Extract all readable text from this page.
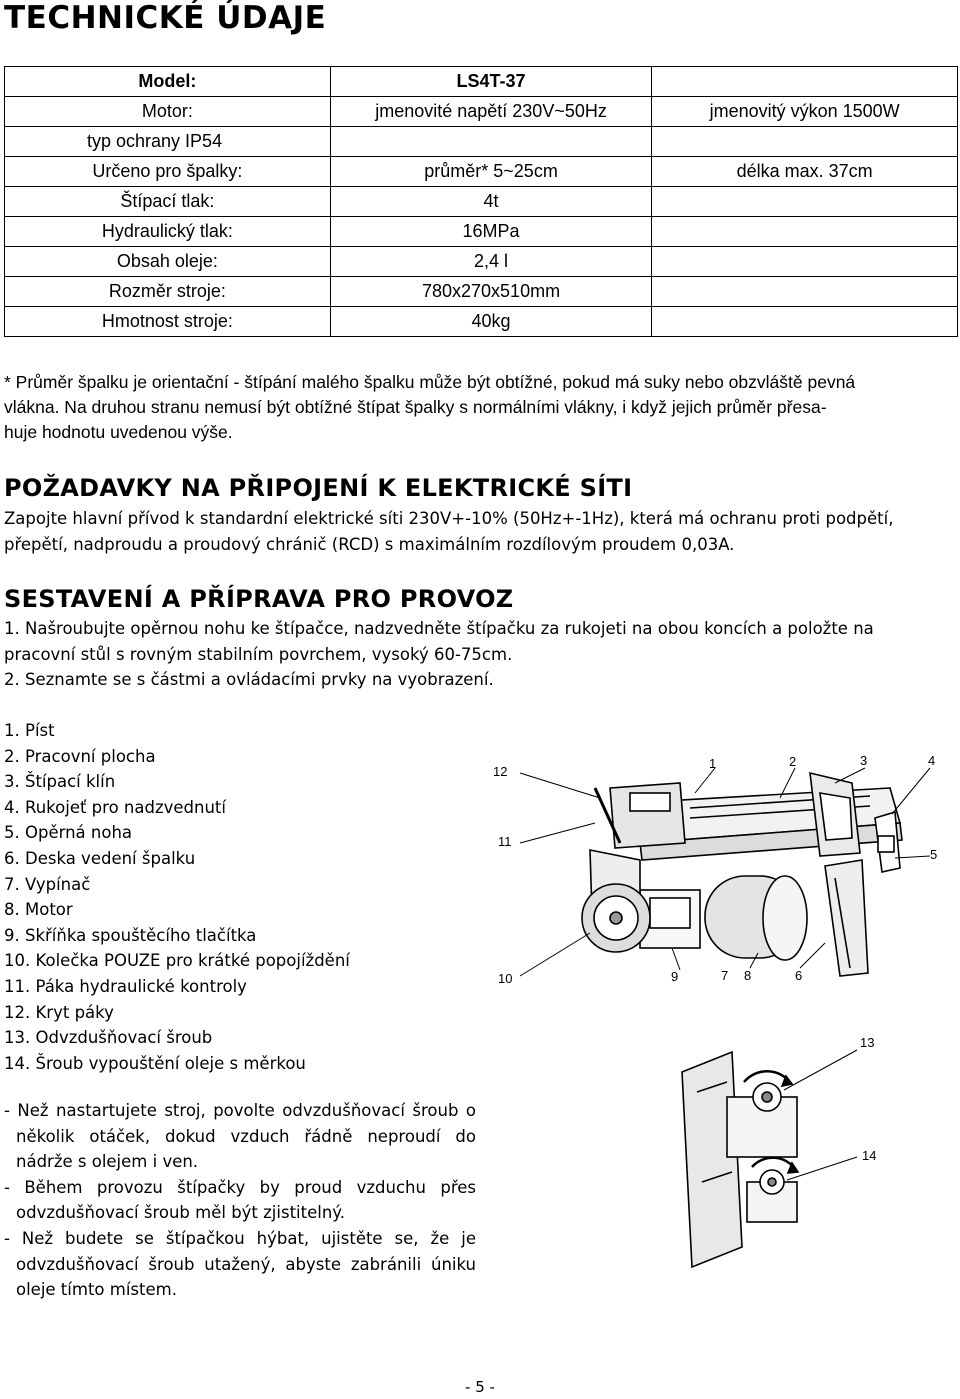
TECHNICKÉ ÚDAJE
Model:	LS4T-37	
Motor:	jmenovité napětí 230V~50Hz	jmenovitý výkon 1500W
typ ochrany IP54		
Určeno pro špalky:	průměr* 5~25cm	délka max. 37cm
Štípací tlak:	4t	
Hydraulický tlak:	16MPa	
Obsah oleje:	2,4 l	
Rozměr stroje:	780x270x510mm	
Hmotnost stroje:	40kg	
* Průměr špalku je orientační - štípání malého špalku může být obtížné, pokud má suky nebo obzvláště pevná
vlákna. Na druhou stranu nemusí být obtížné štípat špalky s normálními vlákny, i když jejich průměr přesa-
huje hodnotu uvedenou výše.
POŽADAVKY NA PŘIPOJENÍ K ELEKTRICKÉ SÍTI
Zapojte hlavní přívod k standardní elektrické síti 230V+-10% (50Hz+-1Hz), která má ochranu proti podpětí,
přepětí, nadproudu a proudový chránič (RCD) s maximálním rozdílovým proudem 0,03A.
SESTAVENÍ A PŘÍPRAVA PRO PROVOZ
1. Našroubujte opěrnou nohu ke štípačce, nadzvedněte štípačku za rukojeti na obou koncích a položte na
pracovní stůl s rovným stabilním povrchem, vysoký 60-75cm.
2. Seznamte se s částmi a ovládacími prvky na vyobrazení.
1. Píst
2. Pracovní plocha
3. Štípací klín
4. Rukojeť pro nadzvednutí
5. Opěrná noha
6. Deska vedení špalku
7. Vypínač
8. Motor
9. Skříňka spouštěcího tlačítka
10. Kolečka POUZE pro krátké popojíždění
11. Páka hydraulické kontroly
12. Kryt páky
13. Odvzdušňovací šroub
14. Šroub vypouštění oleje s měrkou
1	2	3	4
5
6
7 8
9
10
11
12
13
14
- Než nastartujete stroj, povolte odvzdušňovací šroub o několik otáček, dokud vzduch řádně neproudí do nádrže s olejem i ven.
- Během provozu štípačky by proud vzduchu přes odvzdušňovací šroub měl být zjistitelný.
- Než budete se štípačkou hýbat, ujistěte se, že je odvzdušňovací šroub utažený, abyste zabránili úniku oleje tímto místem.
- 5 -
